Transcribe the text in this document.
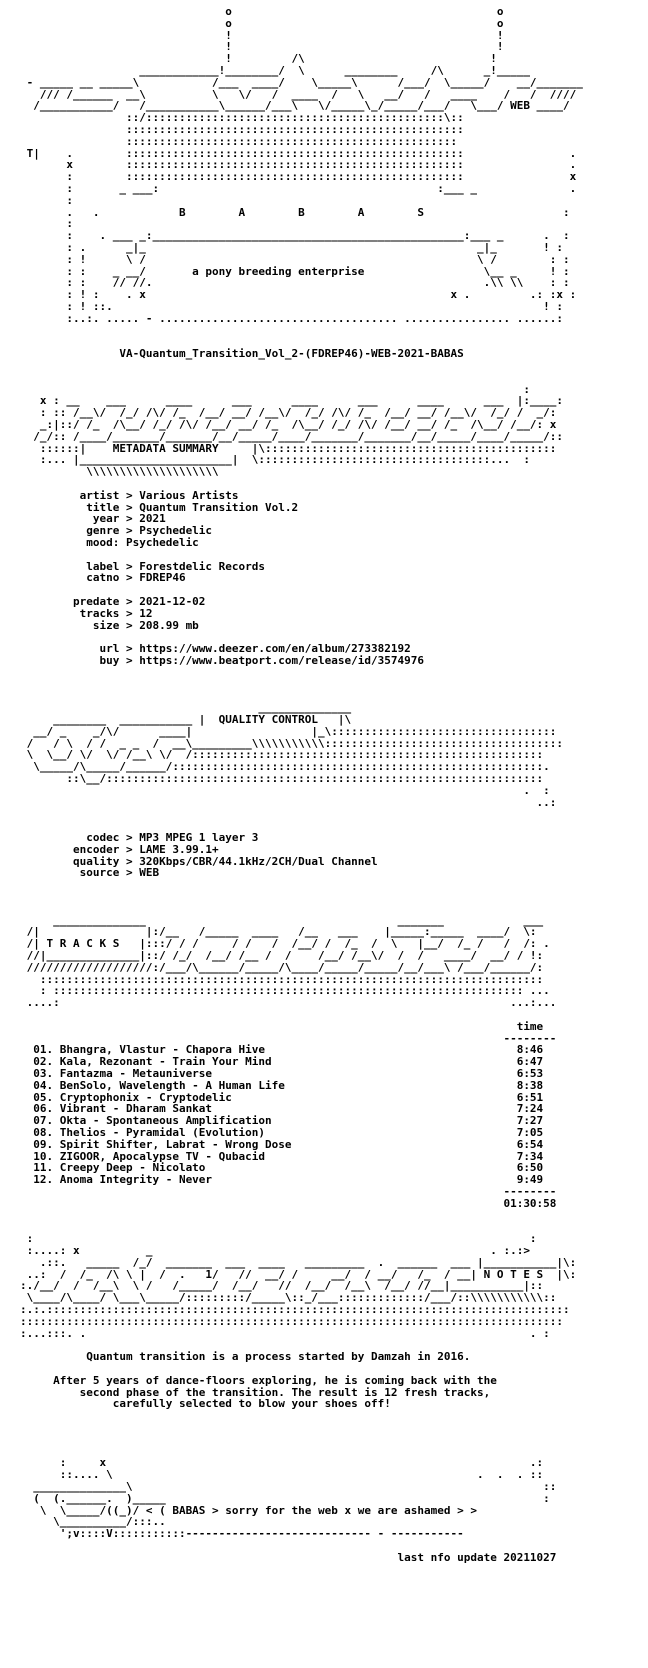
o                                        o
o                                        o
!                                        !
!                                        !
!         /\                            !
____________!________/  \      ________     /\      _!_____
- _____ __ _____\           /___  ____/    \_____\      /___/  \_____/    __/_______
/// /______  __\          \   \/   /  ____  /   \   __/   /   ____    /   /  ////
/___________/   /___________\______/___\   \/_____\_/_____/___/   \___/ WEB ____/
::/:::::::::::::::::::::::::::::::::::::::::::::\::
:::::::::::::::::::::::::::::::::::::::::::::::::::
::::::::::::::::::::::::::::::::::::::::::::::::::
T|    .        :::::::::::::::::::::::::::::::::::::::::::::::::::                .
x        :::::::::::::::::::::::::::::::::::::::::::::::::::                .
:        :::::::::::::::::::::::::::::::::::::::::::::::::::                x
:       _ ___:                                          :___ _              .
:
.   .            B        A        B        A        S                     :
:
:    . ___ _:_______________________________________________:___ _      .  :
: .      _|_                                                  _|_       ! :
: !      \ /                                                  \ /        : :
: :    _ __/       a pony breeding enterprise                  \__ _     ! :
: :    // //.                                                  .\\ \\    : :
: ! :    . x                                              x .         .: :x :
: ! ::.                                                                 ! :
:..:. ..... - .................................... ................ ......:
VA-Quantum_Transition_Vol_2-(FDREP46)-WEB-2021-BABAS
:
x : __    ___      ____      ___      ____      ___      ____      ___  |:____:
: :: /__\/  /_/ /\/ /_  /__/ __/ /__\/  /_/ /\/ /_  /__/ __/ /__\/  /_/ /  _/:
_:|::/ /_  /\__/ /_/ /\/ /__/ __/ /_  /\__/ /_/ /\/ /__/ __/ /_  /\__/ /__/: x
/_/:: /____/_______/_______/__/_____/____/_______/_______/__/_____/____/_____/::
::::::|    METADATA SUMMARY     |\::::::::::::::::::::::::::::::::::::::::::::
:... |_______________________|  \:::::::::::::::::::::::::::::::::::...  :
\\\\\\\\\\\\\\\\\\\\
artist > Various Artists
title > Quantum Transition Vol.2
year > 2021
genre > Psychedelic
mood: Psychedelic
label > Forestdelic Records
catno > FDREP46
predate > 2021-12-02
tracks > 12
size > 208.99 mb
url > https://www.deezer.com/en/album/273382192
buy > https://www.beatport.com/release/id/3574976
______________
________  ___________ |  QUALITY CONTROL   |\
__/ _    _/\/      ____|                  |_\::::::::::::::::::::::::::::::::::
/   / \  / /  _ _  /  __\_________\\\\\\\\\\\::::::::::::::::::::::::::::::::::::
\  \__/ \/  \/ /__\ \/  /:::::::::::::::::::::::::::::::::::::::::::::::::::::
\_____/\_____/______/::::::::::::::::::::::::::::::::::::::::::::::::::::::::.
::\__/::::::::::::::::::::::::::::::::::::::::::::::::::::::::::::::::::
.  :
..:
codec > MP3 MPEG 1 layer 3
encoder > LAME 3.99.1+
quality > 320Kbps/CBR/44.1kHz/2CH/Dual Channel
source > WEB
______________                                      _______            ___
/|                |:/__   /_____  ____   /__   ___    |_____:_____  ____/  \:
/| T R A C K S   |:::/ / /     / /   /  /__/ /  /_  /  \   |__/  /_ /   /  /: .
//|______________|::/ /_/  /__/ /__ /  /    /__/ /__\/  /  /   ____/  __/ / !:
///////////////////:/___/\______/_____/\____/_____/_____/__/___\ /___/______/:
::::::::::::::::::::::::::::::::::::::::::::::::::::::::::::::::::::::::::::
: ::::::::::::::::::::::::::::::::::::::::::::::::::::::::::::::::::::::: ...
....:                                                                    ...:...
time
--------
01. Bhangra, Vlastur - Chapora Hive                                      8:46
02. Kala, Rezonant - Train Your Mind                                     6:47
03. Fantazma - Metauniverse                                              6:53
04. BenSolo, Wavelength - A Human Life                                   8:38
05. Cryptophonix - Cryptodelic                                           6:51
06. Vibrant - Dharam Sankat                                              7:24
07. Okta - Spontaneous Amplification                                     7:27
08. Thelios - Pyramidal (Evolution)                                      7:05
09. Spirit Shifter, Labrat - Wrong Dose                                  6:54
10. ZIGOOR, Apocalypse TV - Qubacid                                      7:34
11. Creepy Deep - Nicolato                                               6:50
12. Anoma Integrity - Never                                              9:49
--------
01:30:58
:                                                                           :
:....: x          _                                                   . :.:>
.::.   _____  /_/  _______  ___  ____   _________  .  ______  ___ |___________|\:
..:  /  /_  /\ \ |  /  .   1/   //  __/ /     __/  / __/   /_  / __| N O T E S  |\:
:./__/  /  /__\  \ /   /_____/  /__/   //  /__/  /__\  /__/ //__|___________|::
\____/\____/ \___\_____/:::::::::/_____\::_/___:::::::::::::/___/::\\\\\\\\\\\::
:.:.:::::::::::::::::::::::::::::::::::::::::::::::::::::::::::::::::::::::::::::::
::::::::::::::::::::::::::::::::::::::::::::::::::::::::::::::::::::::::::::::::::
:...:::. .                                                                   . :
Quantum transition is a process started by Damzah in 2016.
After 5 years of dance-floors exploring, he is coming back with the
second phase of the transition. The result is 12 fresh tracks,
carefully selected to blow your shoes off!
:     x                                                                .:
::.... \                                                       .  .  . ::
______________\                                                              ::
(  (.______.  )_____                                                         :
\  \_____/((_)/ < ( BABAS > sorry for the web x we are ashamed > >
\__________/:::..
';v::::V:::::::::::---------------------------- - -----------
last nfo update 20211027
